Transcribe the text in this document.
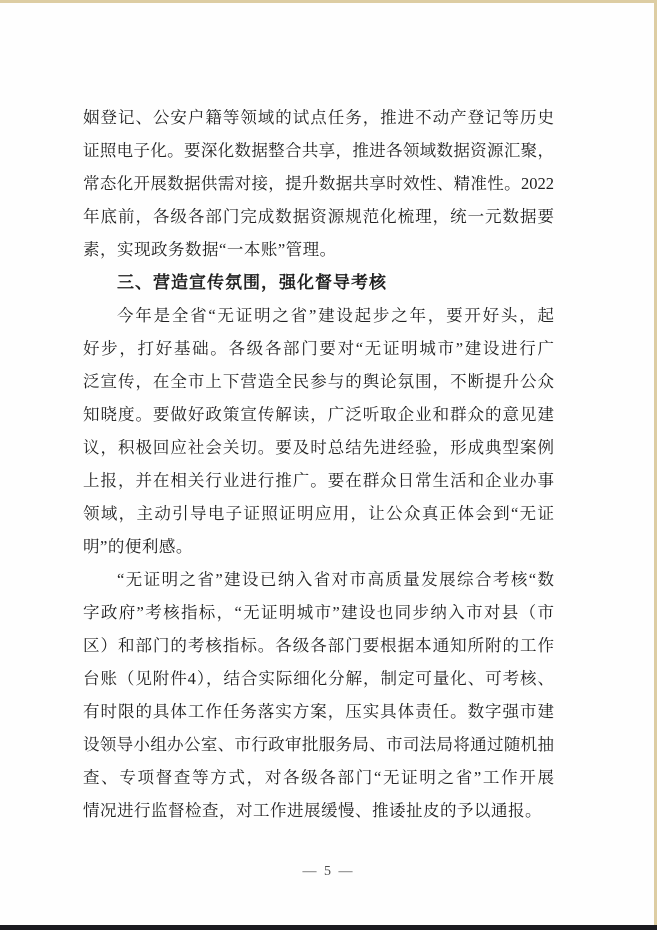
姻登记、公安户籍等领域的试点任务，推进不动产登记等历史
证照电子化。要深化数据整合共享，推进各领域数据资源汇聚，
常态化开展数据供需对接，提升数据共享时效性、精准性。2022
年底前，各级各部门完成数据资源规范化梳理，统一元数据要
素，实现政务数据“一本账”管理。
三、营造宣传氛围，强化督导考核
今年是全省“无证明之省”建设起步之年，要开好头，起
好步，打好基础。各级各部门要对“无证明城市”建设进行广
泛宣传，在全市上下营造全民参与的舆论氛围，不断提升公众
知晓度。要做好政策宣传解读，广泛听取企业和群众的意见建
议，积极回应社会关切。要及时总结先进经验，形成典型案例
上报，并在相关行业进行推广。要在群众日常生活和企业办事
领域，主动引导电子证照证明应用，让公众真正体会到“无证
明”的便利感。
“无证明之省”建设已纳入省对市高质量发展综合考核“数
字政府”考核指标，“无证明城市”建设也同步纳入市对县（市
区）和部门的考核指标。各级各部门要根据本通知所附的工作
台账（见附件4），结合实际细化分解，制定可量化、可考核、
有时限的具体工作任务落实方案，压实具体责任。数字强市建
设领导小组办公室、市行政审批服务局、市司法局将通过随机抽
查、专项督查等方式，对各级各部门“无证明之省”工作开展
情况进行监督检查，对工作进展缓慢、推诿扯皮的予以通报。
— 5 —
